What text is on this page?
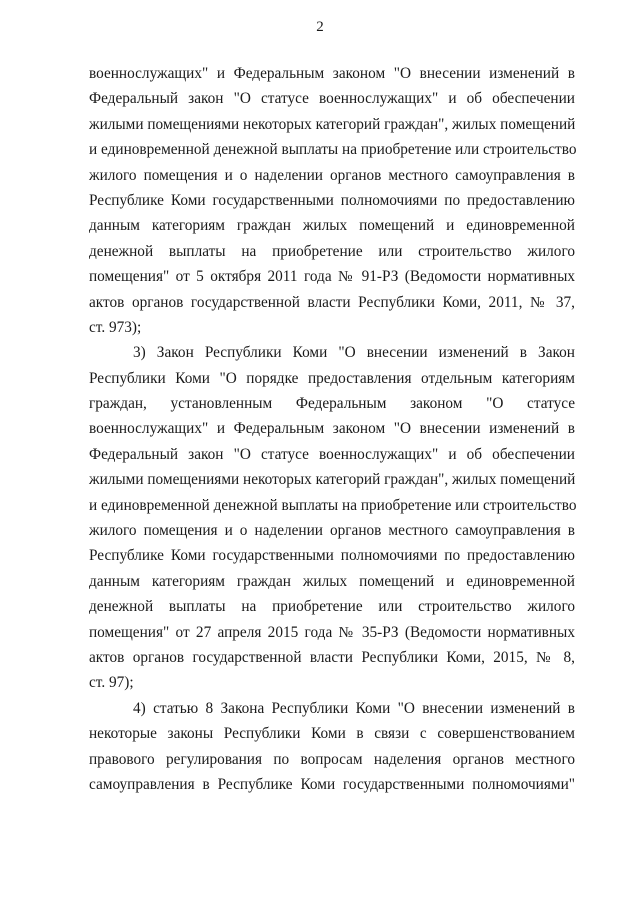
2
военнослужащих" и Федеральным законом "О внесении изменений в
Федеральный закон "О статусе военнослужащих" и об обеспечении
жилыми помещениями некоторых категорий граждан", жилых помещений
и единовременной денежной выплаты на приобретение или строительство
жилого помещения и о наделении органов местного самоуправления в
Республике Коми государственными полномочиями по предоставлению
данным категориям граждан жилых помещений и единовременной
денежной выплаты на приобретение или строительство жилого
помещения" от 5 октября 2011 года № 91-РЗ (Ведомости нормативных
актов органов государственной власти Республики Коми, 2011, № 37,
ст. 973);
3) Закон Республики Коми "О внесении изменений в Закон
Республики Коми "О порядке предоставления отдельным категориям
граждан, установленным Федеральным законом "О статусе
военнослужащих" и Федеральным законом "О внесении изменений в
Федеральный закон "О статусе военнослужащих" и об обеспечении
жилыми помещениями некоторых категорий граждан", жилых помещений
и единовременной денежной выплаты на приобретение или строительство
жилого помещения и о наделении органов местного самоуправления в
Республике Коми государственными полномочиями по предоставлению
данным категориям граждан жилых помещений и единовременной
денежной выплаты на приобретение или строительство жилого
помещения" от 27 апреля 2015 года № 35-РЗ (Ведомости нормативных
актов органов государственной власти Республики Коми, 2015, № 8,
ст. 97);
4) статью 8 Закона Республики Коми "О внесении изменений в
некоторые законы Республики Коми в связи с совершенствованием
правового регулирования по вопросам наделения органов местного
самоуправления в Республике Коми государственными полномочиями"
